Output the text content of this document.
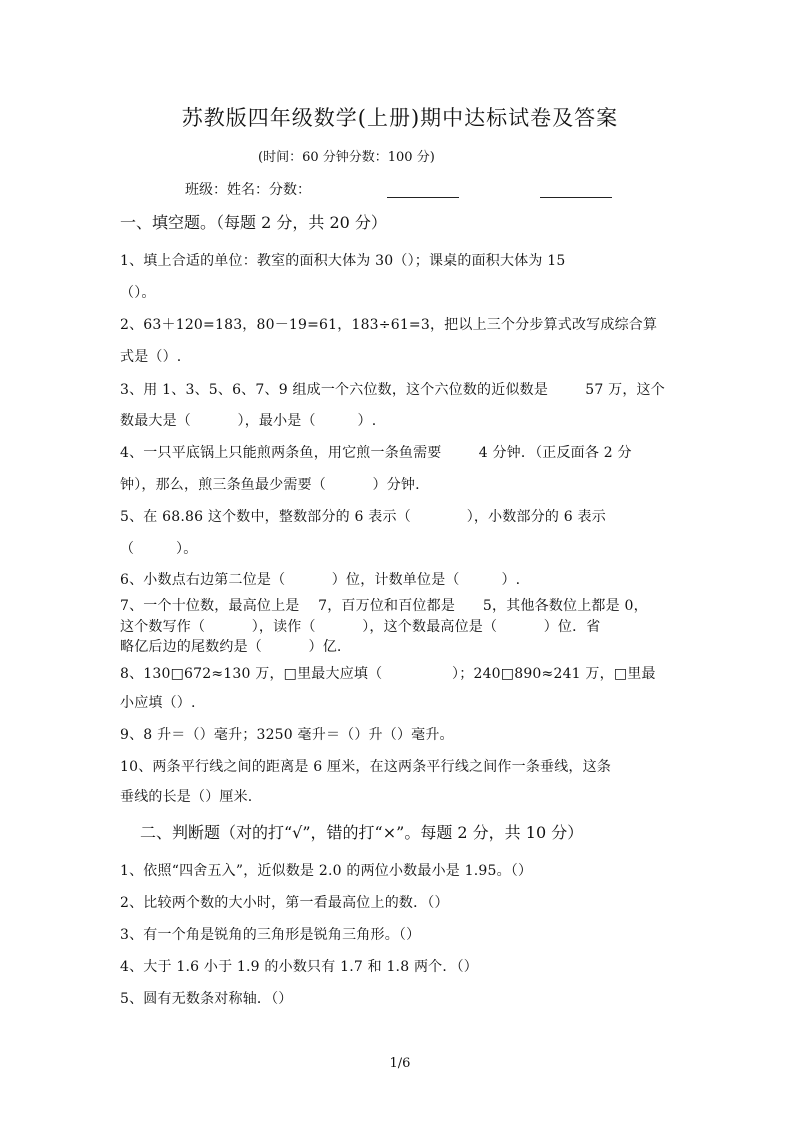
苏教版四年级数学(上册)期中达标试卷及答案
(时间：60 分钟分数：100 分)
班级：姓名：分数：
一、填空题。（每题 2 分，共 20 分）
1、填上合适的单位：教室的面积大体为 30（）；课桌的面积大体为 15
（）。
2、63＋120=183，80－19=61，183÷61=3，把以上三个分步算式改写成综合算
式是（）.
3、用 1、3、5、6、7、9 组成一个六位数，这个六位数的近似数是        57 万，这个
数最大是（          ），最小是（         ）.
4、一只平底锅上只能煎两条鱼，用它煎一条鱼需要        4 分钟．（正反面各 2 分
钟），那么，煎三条鱼最少需要（          ）分钟.
5、在 68.86 这个数中，整数部分的 6 表示（            ），小数部分的 6 表示
（         ）。
6、小数点右边第二位是（          ）位，计数单位是（         ）.
7、一个十位数，最高位上是    7，百万位和百位都是      5，其他各数位上都是 0，
这个数写作（          ），读作（          ），这个数最高位是（          ）位．省
略亿后边的尾数约是（          ）亿.
8、130□672≈130 万，□里最大应填（               ）；240□890≈241 万，□里最
小应填（）.
9、8 升＝（）毫升；3250 毫升＝（）升（）毫升。
10、两条平行线之间的距离是 6 厘米，在这两条平行线之间作一条垂线，这条
垂线的长是（）厘米.
二、判断题（对的打“√”，错的打“×”。每题 2 分，共 10 分）
1、依照“四舍五入”，近似数是 2.0 的两位小数最小是 1.95。（）
2、比较两个数的大小时，第一看最高位上的数．（）
3、有一个角是锐角的三角形是锐角三角形。（）
4、大于 1.6 小于 1.9 的小数只有 1.7 和 1.8 两个．（）
5、圆有无数条对称轴．（）
1/6
